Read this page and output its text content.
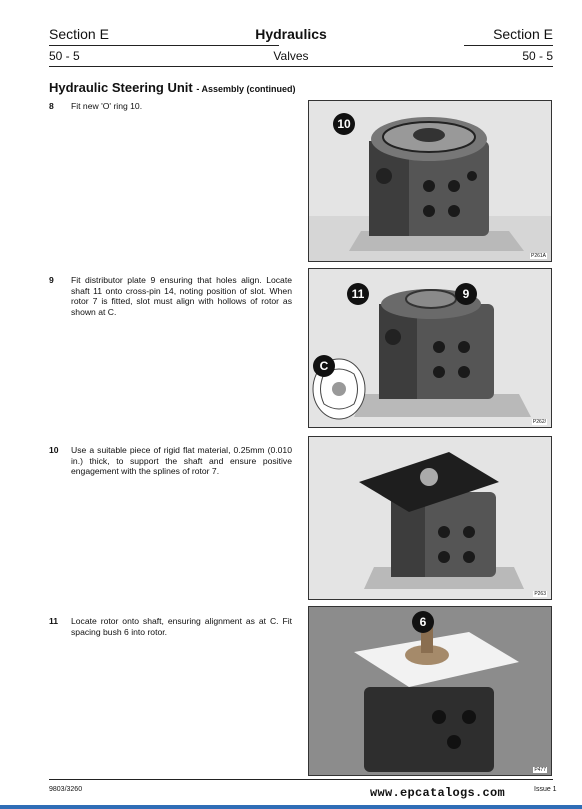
Section E	Hydraulics	Section E
50 - 5	Valves	50 - 5
Hydraulic Steering Unit - Assembly (continued)
8 Fit new 'O' ring 10.
9 Fit distributor plate 9 ensuring that holes align. Locate shaft 11 onto cross-pin 14, noting position of slot. When rotor 7 is fitted, slot must align with hollows of rotor as shown at C.
10 Use a suitable piece of rigid flat material, 0.25mm (0.010 in.) thick, to support the shaft and ensure positive engagement with the splines of rotor 7.
11 Locate rotor onto shaft, ensuring alignment as at C. Fit spacing bush 6 into rotor.
10
P261A
11	9
C
P262/
P263
6
P477
9803/3260	www.epcatalogs.com	Issue 1
